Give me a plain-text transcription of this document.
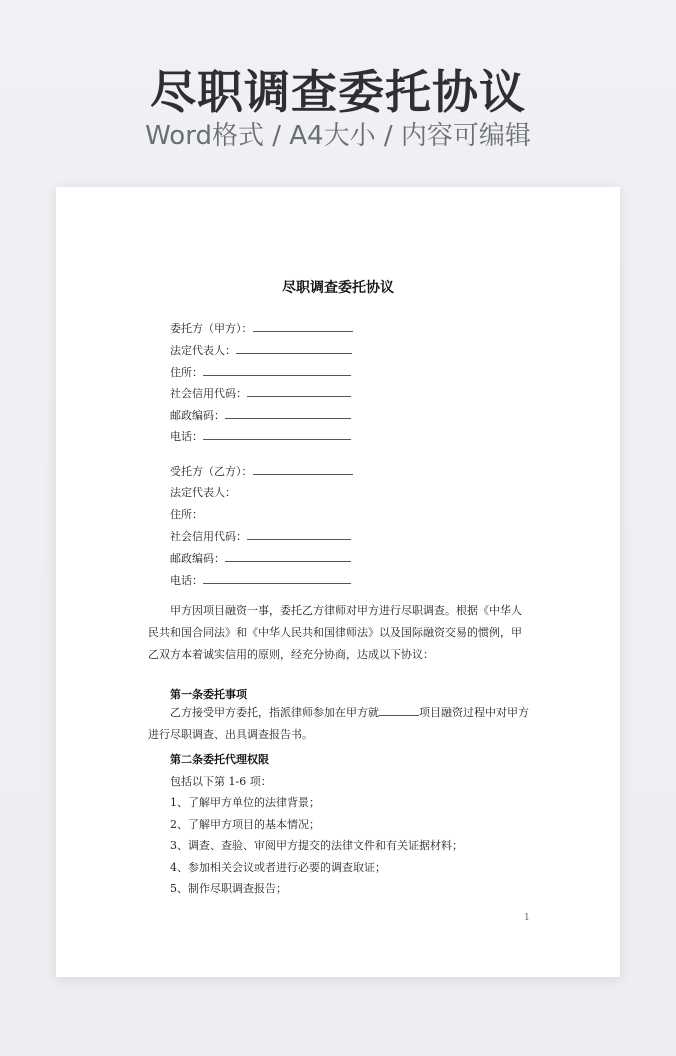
尽职调查委托协议
Word格式 / A4大小 / 内容可编辑
尽职调查委托协议
委托方（甲方）：
法定代表人：
住所：
社会信用代码：
邮政编码：
电话：
受托方（乙方）：
法定代表人：
住所：
社会信用代码：
邮政编码：
电话：
甲方因项目融资一事，委托乙方律师对甲方进行尽职调查。根据《中华人民共和国合同法》和《中华人民共和国律师法》以及国际融资交易的惯例，甲乙双方本着诚实信用的原则，经充分协商，达成以下协议：
第一条委托事项
乙方接受甲方委托，指派律师参加在甲方就	项目融资过程中对甲方进行尽职调查、出具调查报告书。
第二条委托代理权限
包括以下第 1-6 项：
1、了解甲方单位的法律背景；
2、了解甲方项目的基本情况；
3、调查、查验、审阅甲方提交的法律文件和有关证据材料；
4、参加相关会议或者进行必要的调查取证；
5、制作尽职调查报告；
1
